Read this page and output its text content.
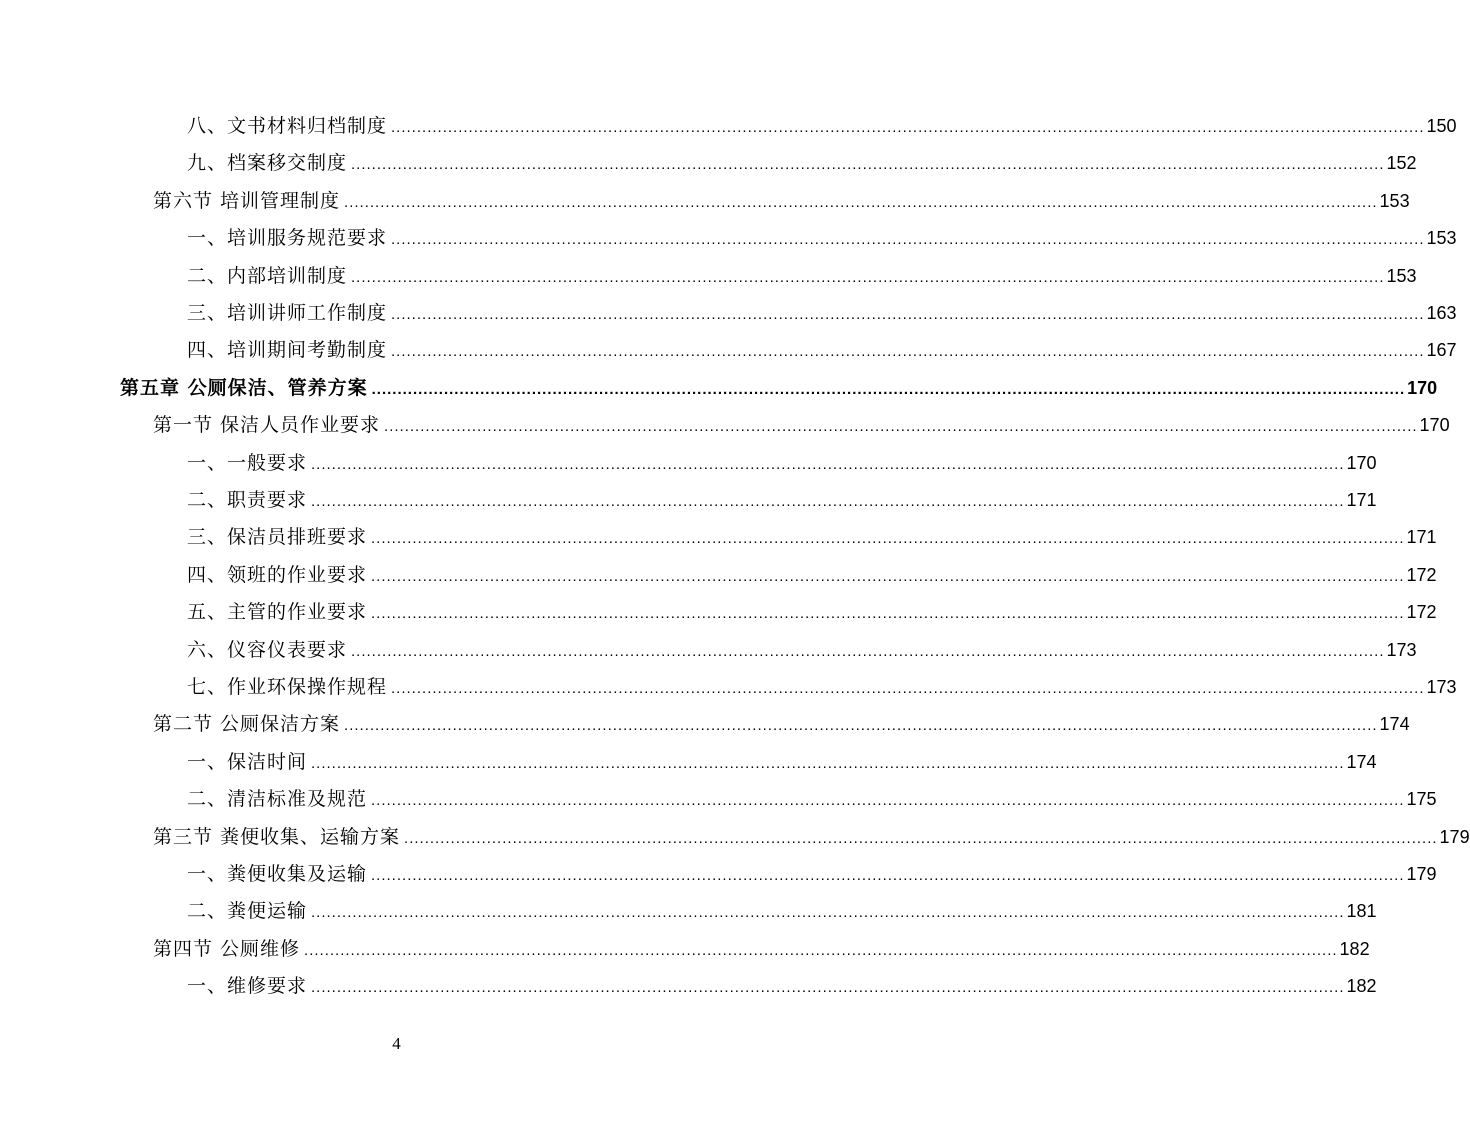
八、文书材料归档制度 ........................................................................................................................................................................................................ 150
九、档案移交制度 ........................................................................................................................................................................................................ 152
第六节 培训管理制度 ........................................................................................................................................................................................................ 153
一、培训服务规范要求 ........................................................................................................................................................................................................ 153
二、内部培训制度 ........................................................................................................................................................................................................ 153
三、培训讲师工作制度 ........................................................................................................................................................................................................ 163
四、培训期间考勤制度 ........................................................................................................................................................................................................ 167
第五章 公厕保洁、管养方案 ........................................................................................................................................................................................................ 170
第一节 保洁人员作业要求 ........................................................................................................................................................................................................ 170
一、一般要求 ........................................................................................................................................................................................................ 170
二、职责要求 ........................................................................................................................................................................................................ 171
三、保洁员排班要求 ........................................................................................................................................................................................................ 171
四、领班的作业要求 ........................................................................................................................................................................................................ 172
五、主管的作业要求 ........................................................................................................................................................................................................ 172
六、仪容仪表要求 ........................................................................................................................................................................................................ 173
七、作业环保操作规程 ........................................................................................................................................................................................................ 173
第二节 公厕保洁方案 ........................................................................................................................................................................................................ 174
一、保洁时间 ........................................................................................................................................................................................................ 174
二、清洁标准及规范 ........................................................................................................................................................................................................ 175
第三节 粪便收集、运输方案 ........................................................................................................................................................................................................ 179
一、粪便收集及运输 ........................................................................................................................................................................................................ 179
二、粪便运输 ........................................................................................................................................................................................................ 181
第四节 公厕维修 ........................................................................................................................................................................................................ 182
一、维修要求 ........................................................................................................................................................................................................ 182
4
